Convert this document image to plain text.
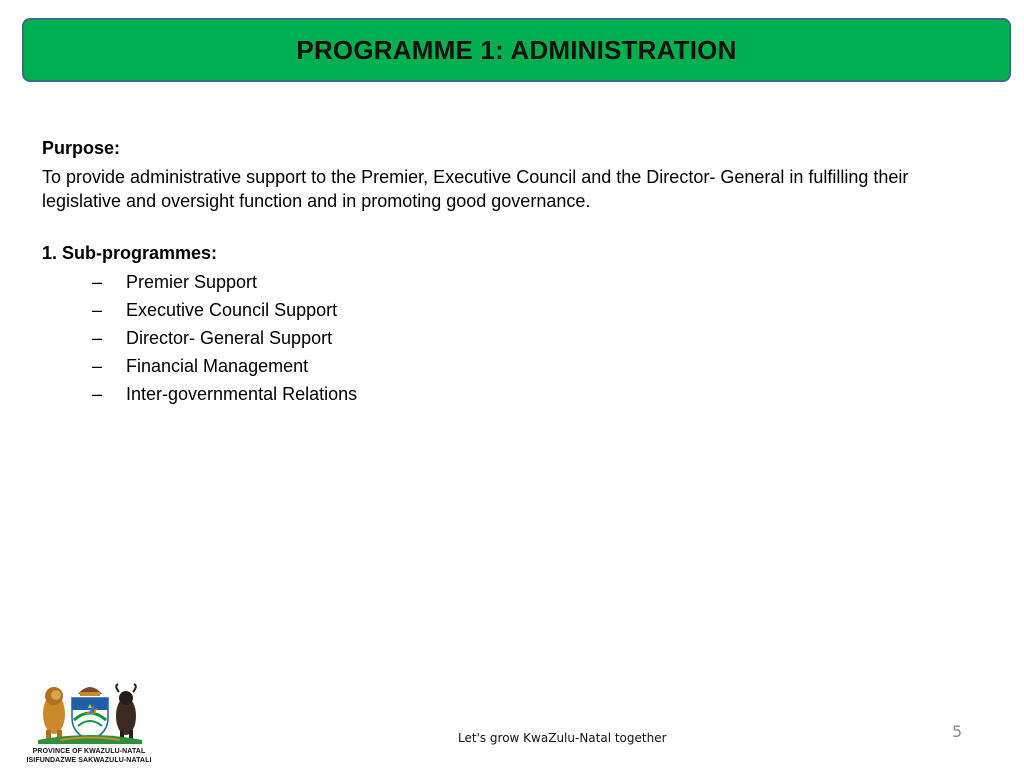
PROGRAMME 1: ADMINISTRATION

Purpose:

To provide administrative support to the Premier, Executive Council and the Director- General in fulfilling their legislative and oversight function and in promoting good governance.

1. Sub-programmes:

–	Premier Support
–	Executive Council Support
–	Director- General Support
–	Financial Management
–	Inter-governmental Relations
PROVINCE OF KWAZULU-NATAL
ISIFUNDAZWE SAKWAZULU-NATALI
Let's grow KwaZulu-Natal together	5
